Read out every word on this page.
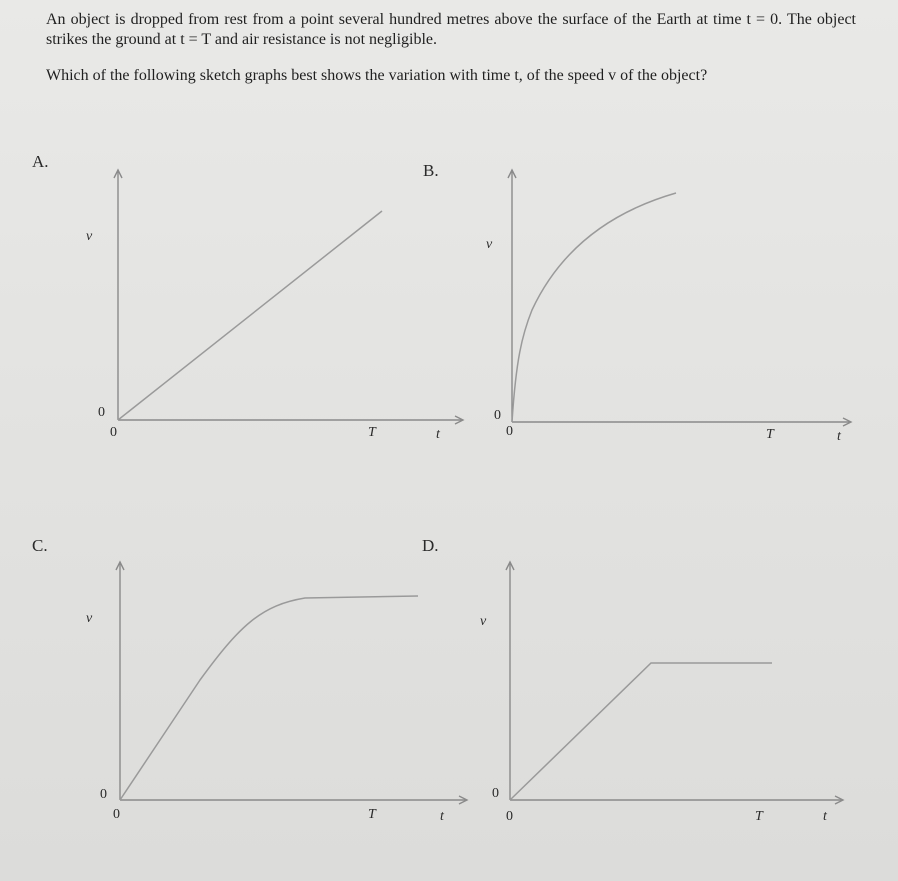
An object is dropped from rest from a point several hundred metres above the surface of the Earth at time t = 0. The object strikes the ground at t = T and air resistance is not negligible.

Which of the following sketch graphs best shows the variation with time t, of the speed v of the object?

A.
v
0
0	T	t
B.
v
0
0	T	t
C.
v
0
0	T	t
D.
v
0
0	T	t
